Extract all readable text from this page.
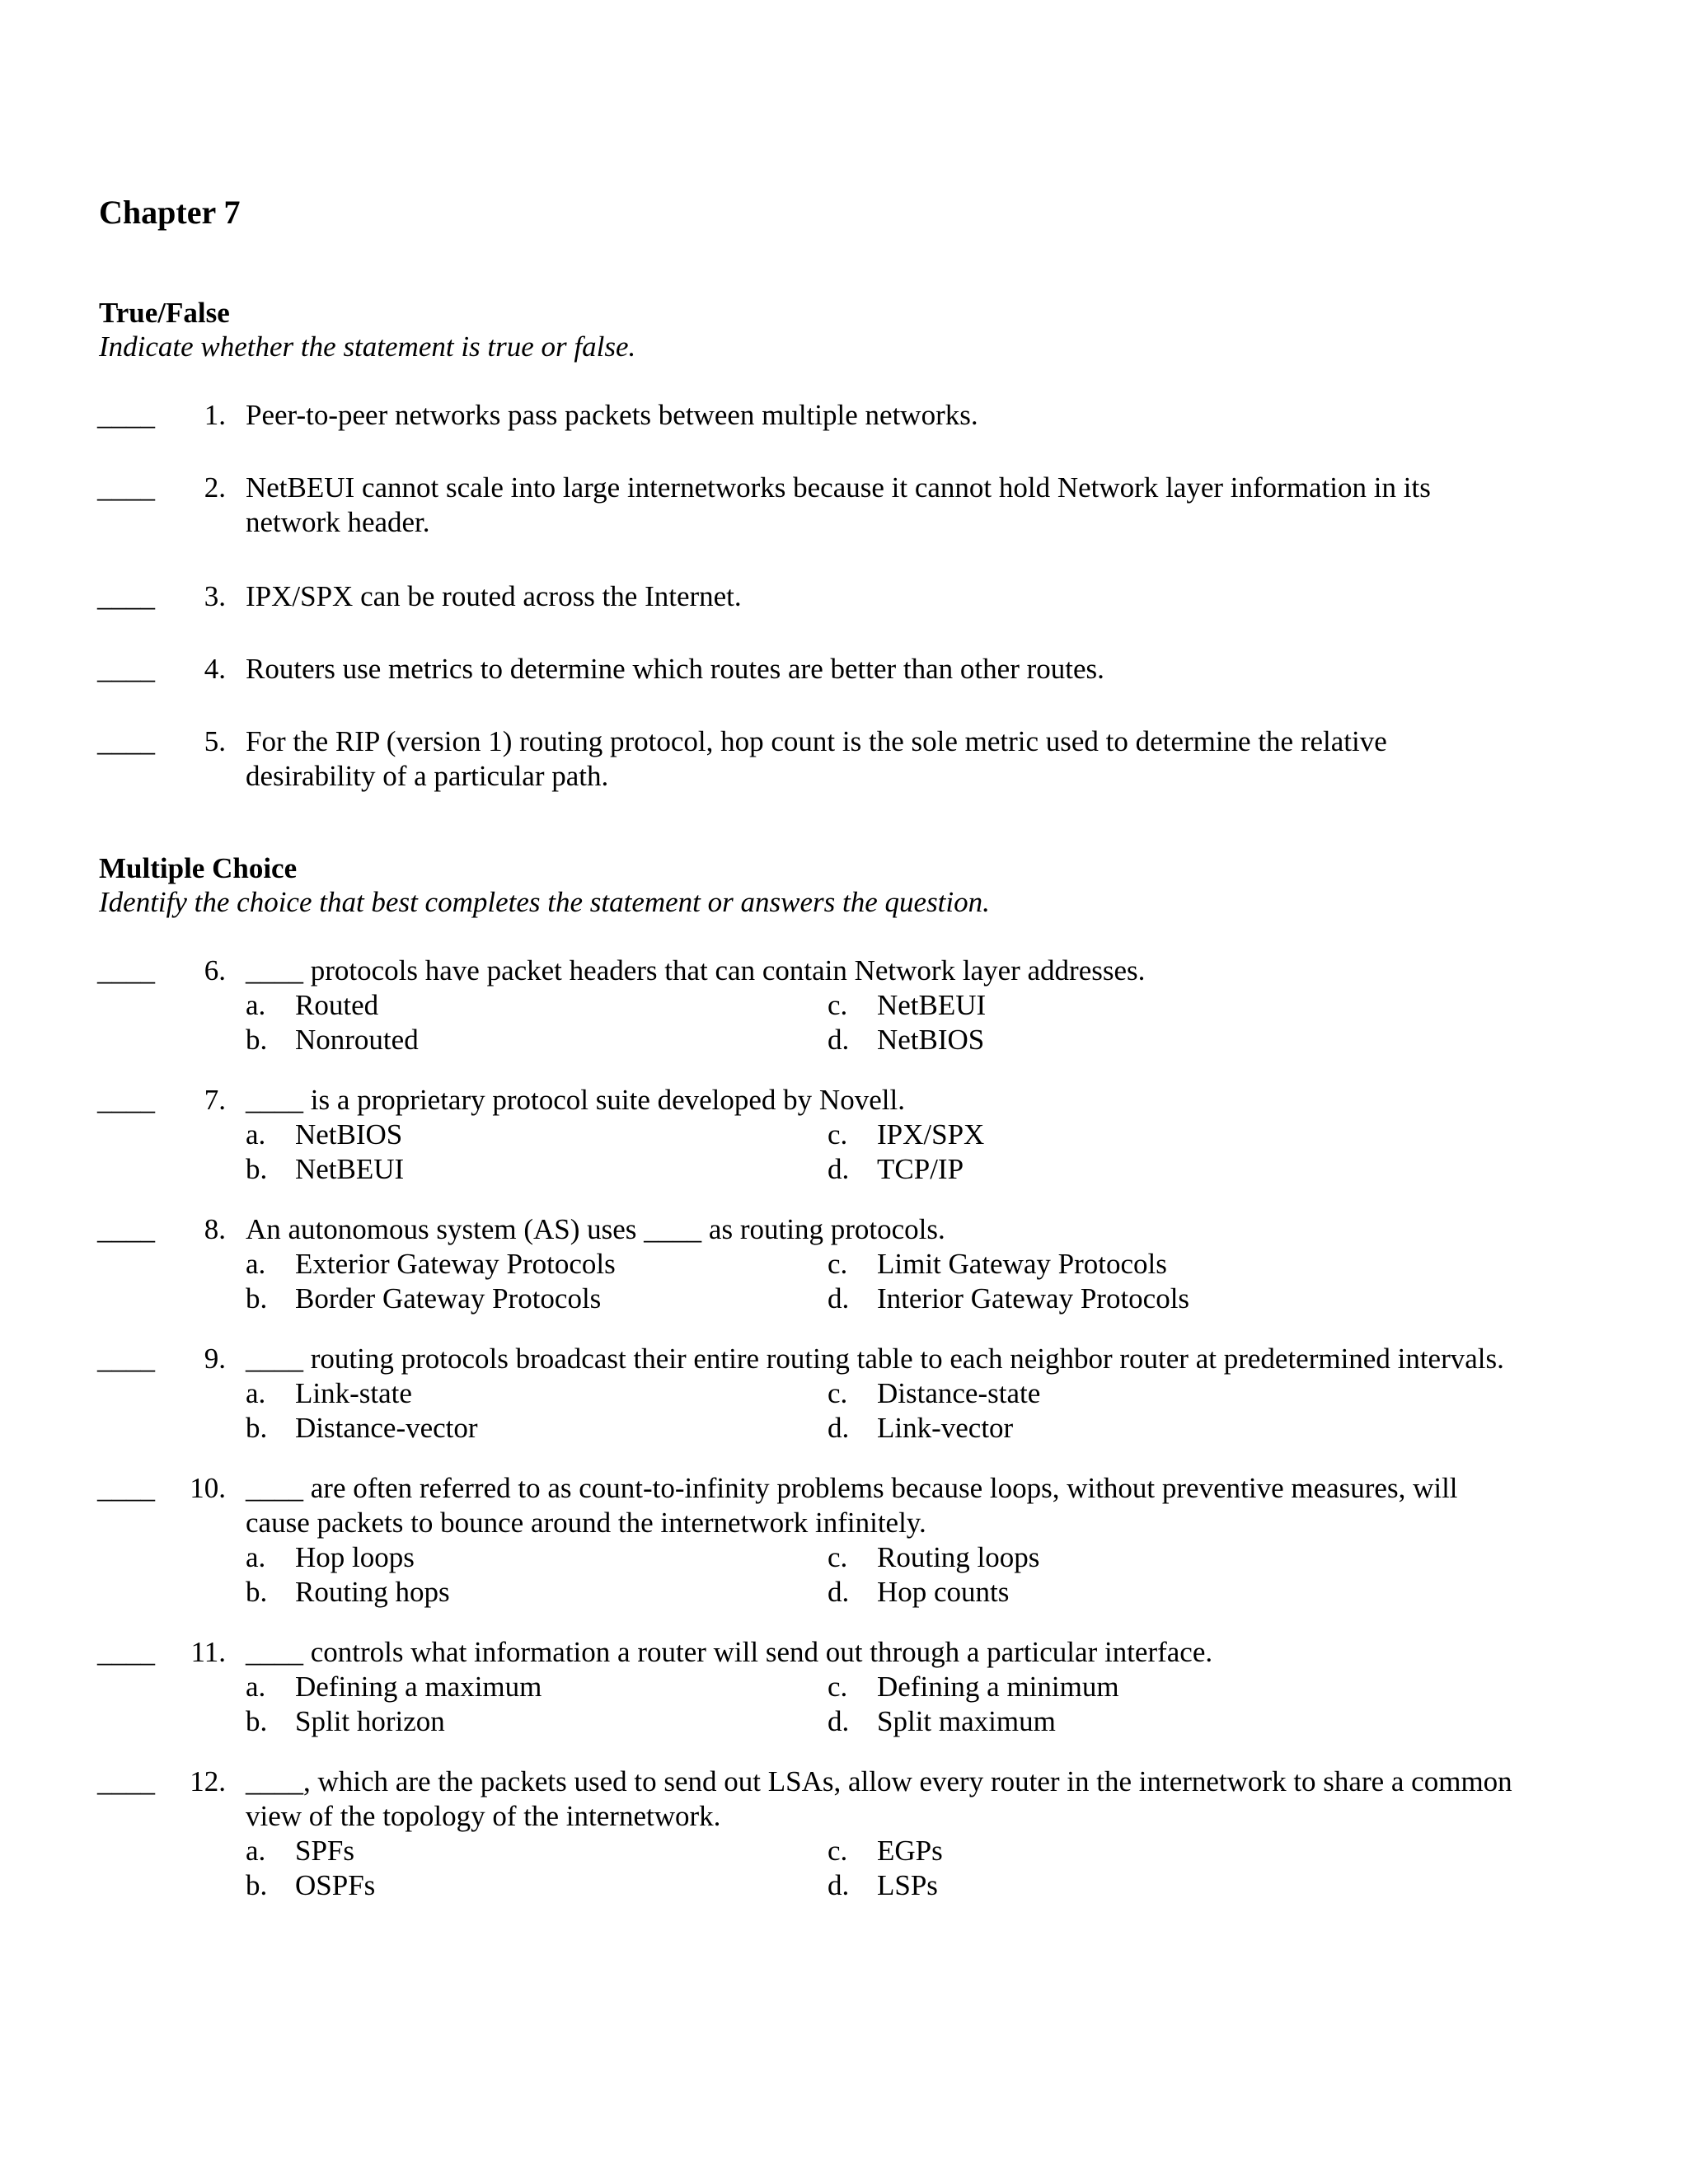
Chapter 7
True/False
Indicate whether the statement is true or false.
____ 1. Peer-to-peer networks pass packets between multiple networks.
____ 2. NetBEUI cannot scale into large internetworks because it cannot hold Network layer information in its
network header.
____ 3. IPX/SPX can be routed across the Internet.
____ 4. Routers use metrics to determine which routes are better than other routes.
____ 5. For the RIP (version 1) routing protocol, hop count is the sole metric used to determine the relative
desirability of a particular path.
Multiple Choice
Identify the choice that best completes the statement or answers the question.
____ 6. ____ protocols have packet headers that can contain Network layer addresses.
a. Routed
b. Nonrouted
c. NetBEUI
d. NetBIOS
____ 7. ____ is a proprietary protocol suite developed by Novell.
a. NetBIOS
b. NetBEUI
c. IPX/SPX
d. TCP/IP
____ 8. An autonomous system (AS) uses ____ as routing protocols.
a. Exterior Gateway Protocols
b. Border Gateway Protocols
c. Limit Gateway Protocols
d. Interior Gateway Protocols
____ 9. ____ routing protocols broadcast their entire routing table to each neighbor router at predetermined intervals.
a. Link-state
b. Distance-vector
c. Distance-state
d. Link-vector
____ 10. ____ are often referred to as count-to-infinity problems because loops, without preventive measures, will
cause packets to bounce around the internetwork infinitely.
a. Hop loops
b. Routing hops
c. Routing loops
d. Hop counts
____ 11. ____ controls what information a router will send out through a particular interface.
a. Defining a maximum
b. Split horizon
c. Defining a minimum
d. Split maximum
____ 12. ____, which are the packets used to send out LSAs, allow every router in the internetwork to share a common
view of the topology of the internetwork.
a. SPFs
b. OSPFs
c. EGPs
d. LSPs
